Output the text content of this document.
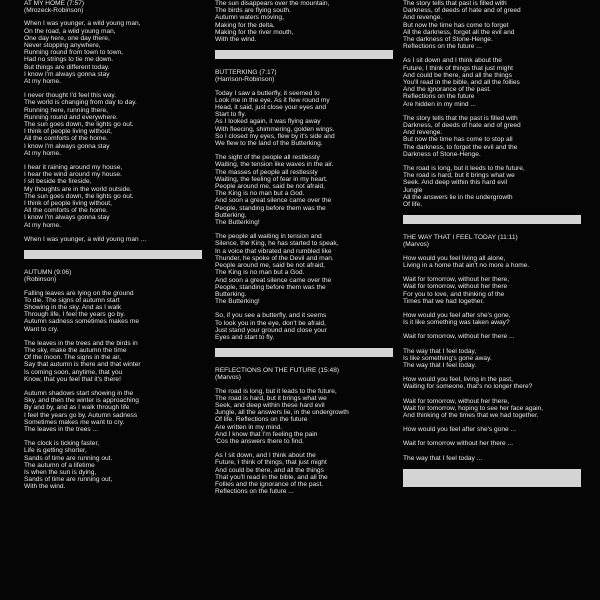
AT MY HOME (7:57)
(Mrozeck-Robinson)
When I was younger, a wild young man,
On the road, a wild young man,
One day here, one day there,
Never stopping anywhere,
Running round from town to town,
Had no strings to tie me down.
But things are different today.
I know I'm always gonna stay
At my home.
I never thought I'd feel this way.
The world is changing from day to day.
Running here, running there,
Running round and everywhere.
The sun goes down, the lights go out.
I think of people living without,
All the comforts of the home.
I know I'm always gonna stay
At my home.
I hear it raining around my house,
I hear the wind around my house.
I sit beside the fireside,
My thoughts are in the world outside.
The sun goes down, the lights go out.
I think of people living without,
All the comforts of the home.
I know I'm always gonna stay
At my home.
When I was younger, a wild young man ...
AUTUMN (9:06)
(Robinson)
Falling leaves are lying on the ground
To die. The signs of autumn start
Showing in the sky. And as I walk
Through life, I feel the years go by.
Autumn sadness sometimes makes me
Want to cry.
The leaves in the trees and the birds in
The sky, make the autumn the time
Of the moon. The signs in the air,
Say that autumn is there and that winter
Is coming soon, anytime, that you
Know, that you feel that it's there!
Autumn shadows start showing in the
Sky, and then the winter is approaching
By and by, and as I walk through life
I feel the years go by. Autumn sadness
Sometimes makes me want to cry.
The leaves in the trees ...
The clock is ticking faster,
Life is getting shorter,
Sands of time are running out.
The autumn of a lifetime
Is when the sun is dying,
Sands of time are running out,
With the wind.
The sun disappears over the mountain,
The birds are flying south.
Autumn waters moving,
Making for the delta,
Making for the river mouth,
With the wind.
BUTTERKING (7:17)
(Harrison-Robinson)
Today I saw a butterfly, it seemed to
Look me in the eye. As it flew round my
Head, it said, just close your eyes and
Start to fly.
As I looked again, it was flying away
With fleecing, shimmering, golden wings.
So I closed my eyes, flew by it's side and
We flew to the land of the Butterking.
The sight of the people all restlessly
Waiting, the tension like waves in the air.
The masses of people all restlessly
Waiting, the feeling of fear in my heart.
People around me, said be not afraid,
The King is no man but a God.
And soon a great silence came over the
People, standing before them was the
Butterking.
The Butterking!
The people all waiting in tension and
Silence, the King, he has started to speak,
In a voice that vibrated and rumbled like
Thunder, he spoke of the Devil and man.
People around me, said be not afraid,
The King is no man but a God.
And soon a great silence came over the
People, standing before them was the
Butterking.
The Butterking!
So, if you see a butterfly, and it seems
To look you in the eye, don't be afraid,
Just stand your ground and close your
Eyes and start to fly.
REFLECTIONS ON THE FUTURE (15:48)
(Marvos)
The road is long, but it leads to the future,
The road is hard, but it brings what we
Seek, and deep within these hard evil
Jungle, all the answers lie, in the undergrowth
Of life. Reflections on the future
Are written in my mind.
And I know that I'm feeling the pain
'Cos the answers there to find.
As I sit down, and I think about the
Future, I think of things, that just might
And could be there, and all the things
That you'll read in the bible, and all the
Follies and the ignorance of the past.
Reflections on the future ...
The story tells that past is filled with
Darkness, of deeds of hate and of greed
And revenge.
But now the time has come to forget
All the darkness, forget all the evil and
The darkness of Stone-Henge.
Reflections on the future ...
As I sit down and I think about the
Future, I think of things that just might
And could be there, and all the things
You'll read in the bible, and all the follies
And the ignorance of the past.
Reflections on the future
Are hidden in my mind ...
The story tells that the past is filled with
Darkness, of deeds of hate and of greed
And revenge.
But now the time has come to stop all
The darkness, to forget the evil and the
Darkness of Stone-Henge.
The road is long, but it leeds to the future,
The road is hard, but it brings what we
Seek. And deep within this hard evil
Jungle
All the answers lie in the undergrowth
Of life.
THE WAY THAT I FEEL TODAY (11:11)
(Marvos)
How would you feel living all alone,
Living in a home that ain't no more a home.
Wait for tomorrow, without her there,
Wait for tomorrow, without her there
For you to love, and thinking of the
Times that we had together.
How would you feel after she's gone,
Is it like something was taken away?
Wait for tomorrow, without her there ...
The way that I feel today,
Is like something's gone away.
The way that I feel today.
How would you feel, living in the past,
Waiting for someone, that's no longer there?
Wait for tomorrow, without her there,
Wait for tomorrow, hoping to see her face again,
And thinking of the times that we had together.
How would you feel after she's gone ...
Wait for tomorrow without her there ...
The way that I feel today ...
